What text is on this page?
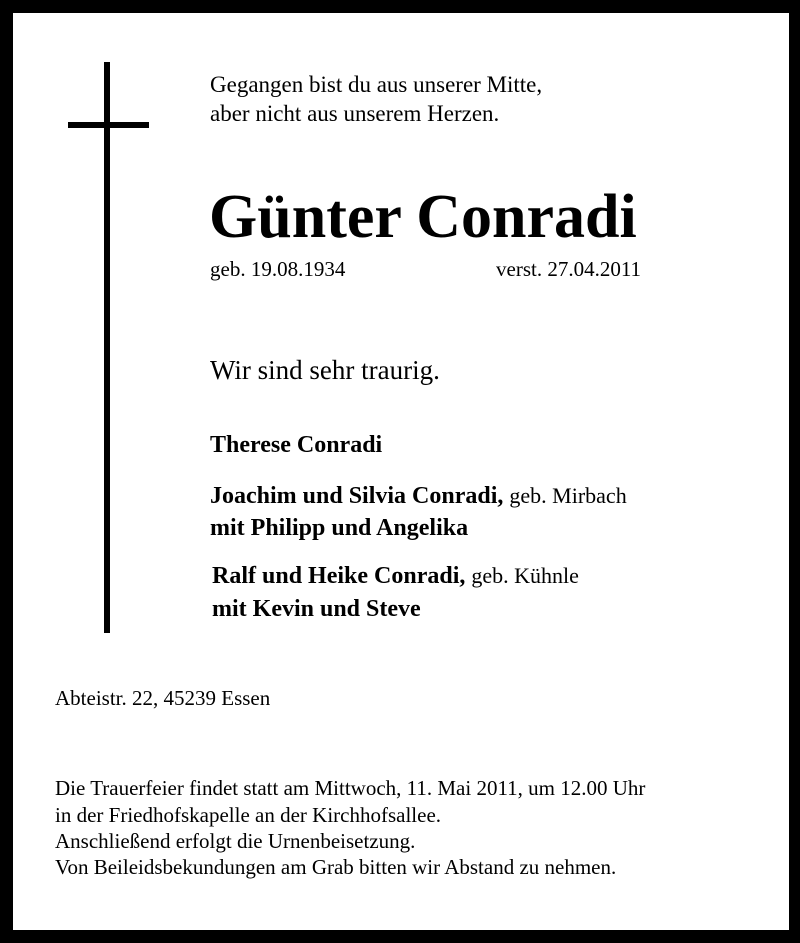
Gegangen bist du aus unserer Mitte,
aber nicht aus unserem Herzen.
Günter Conradi
geb. 19.08.1934	verst. 27.04.2011
Wir sind sehr traurig.
Therese Conradi
Joachim und Silvia Conradi, geb. Mirbach
mit Philipp und Angelika
Ralf und Heike Conradi, geb. Kühnle
mit Kevin und Steve
Abteistr. 22, 45239 Essen
Die Trauerfeier findet statt am Mittwoch, 11. Mai 2011, um 12.00 Uhr
in der Friedhofskapelle an der Kirchhofsallee.
Anschließend erfolgt die Urnenbeisetzung.
Von Beileidsbekundungen am Grab bitten wir Abstand zu nehmen.
